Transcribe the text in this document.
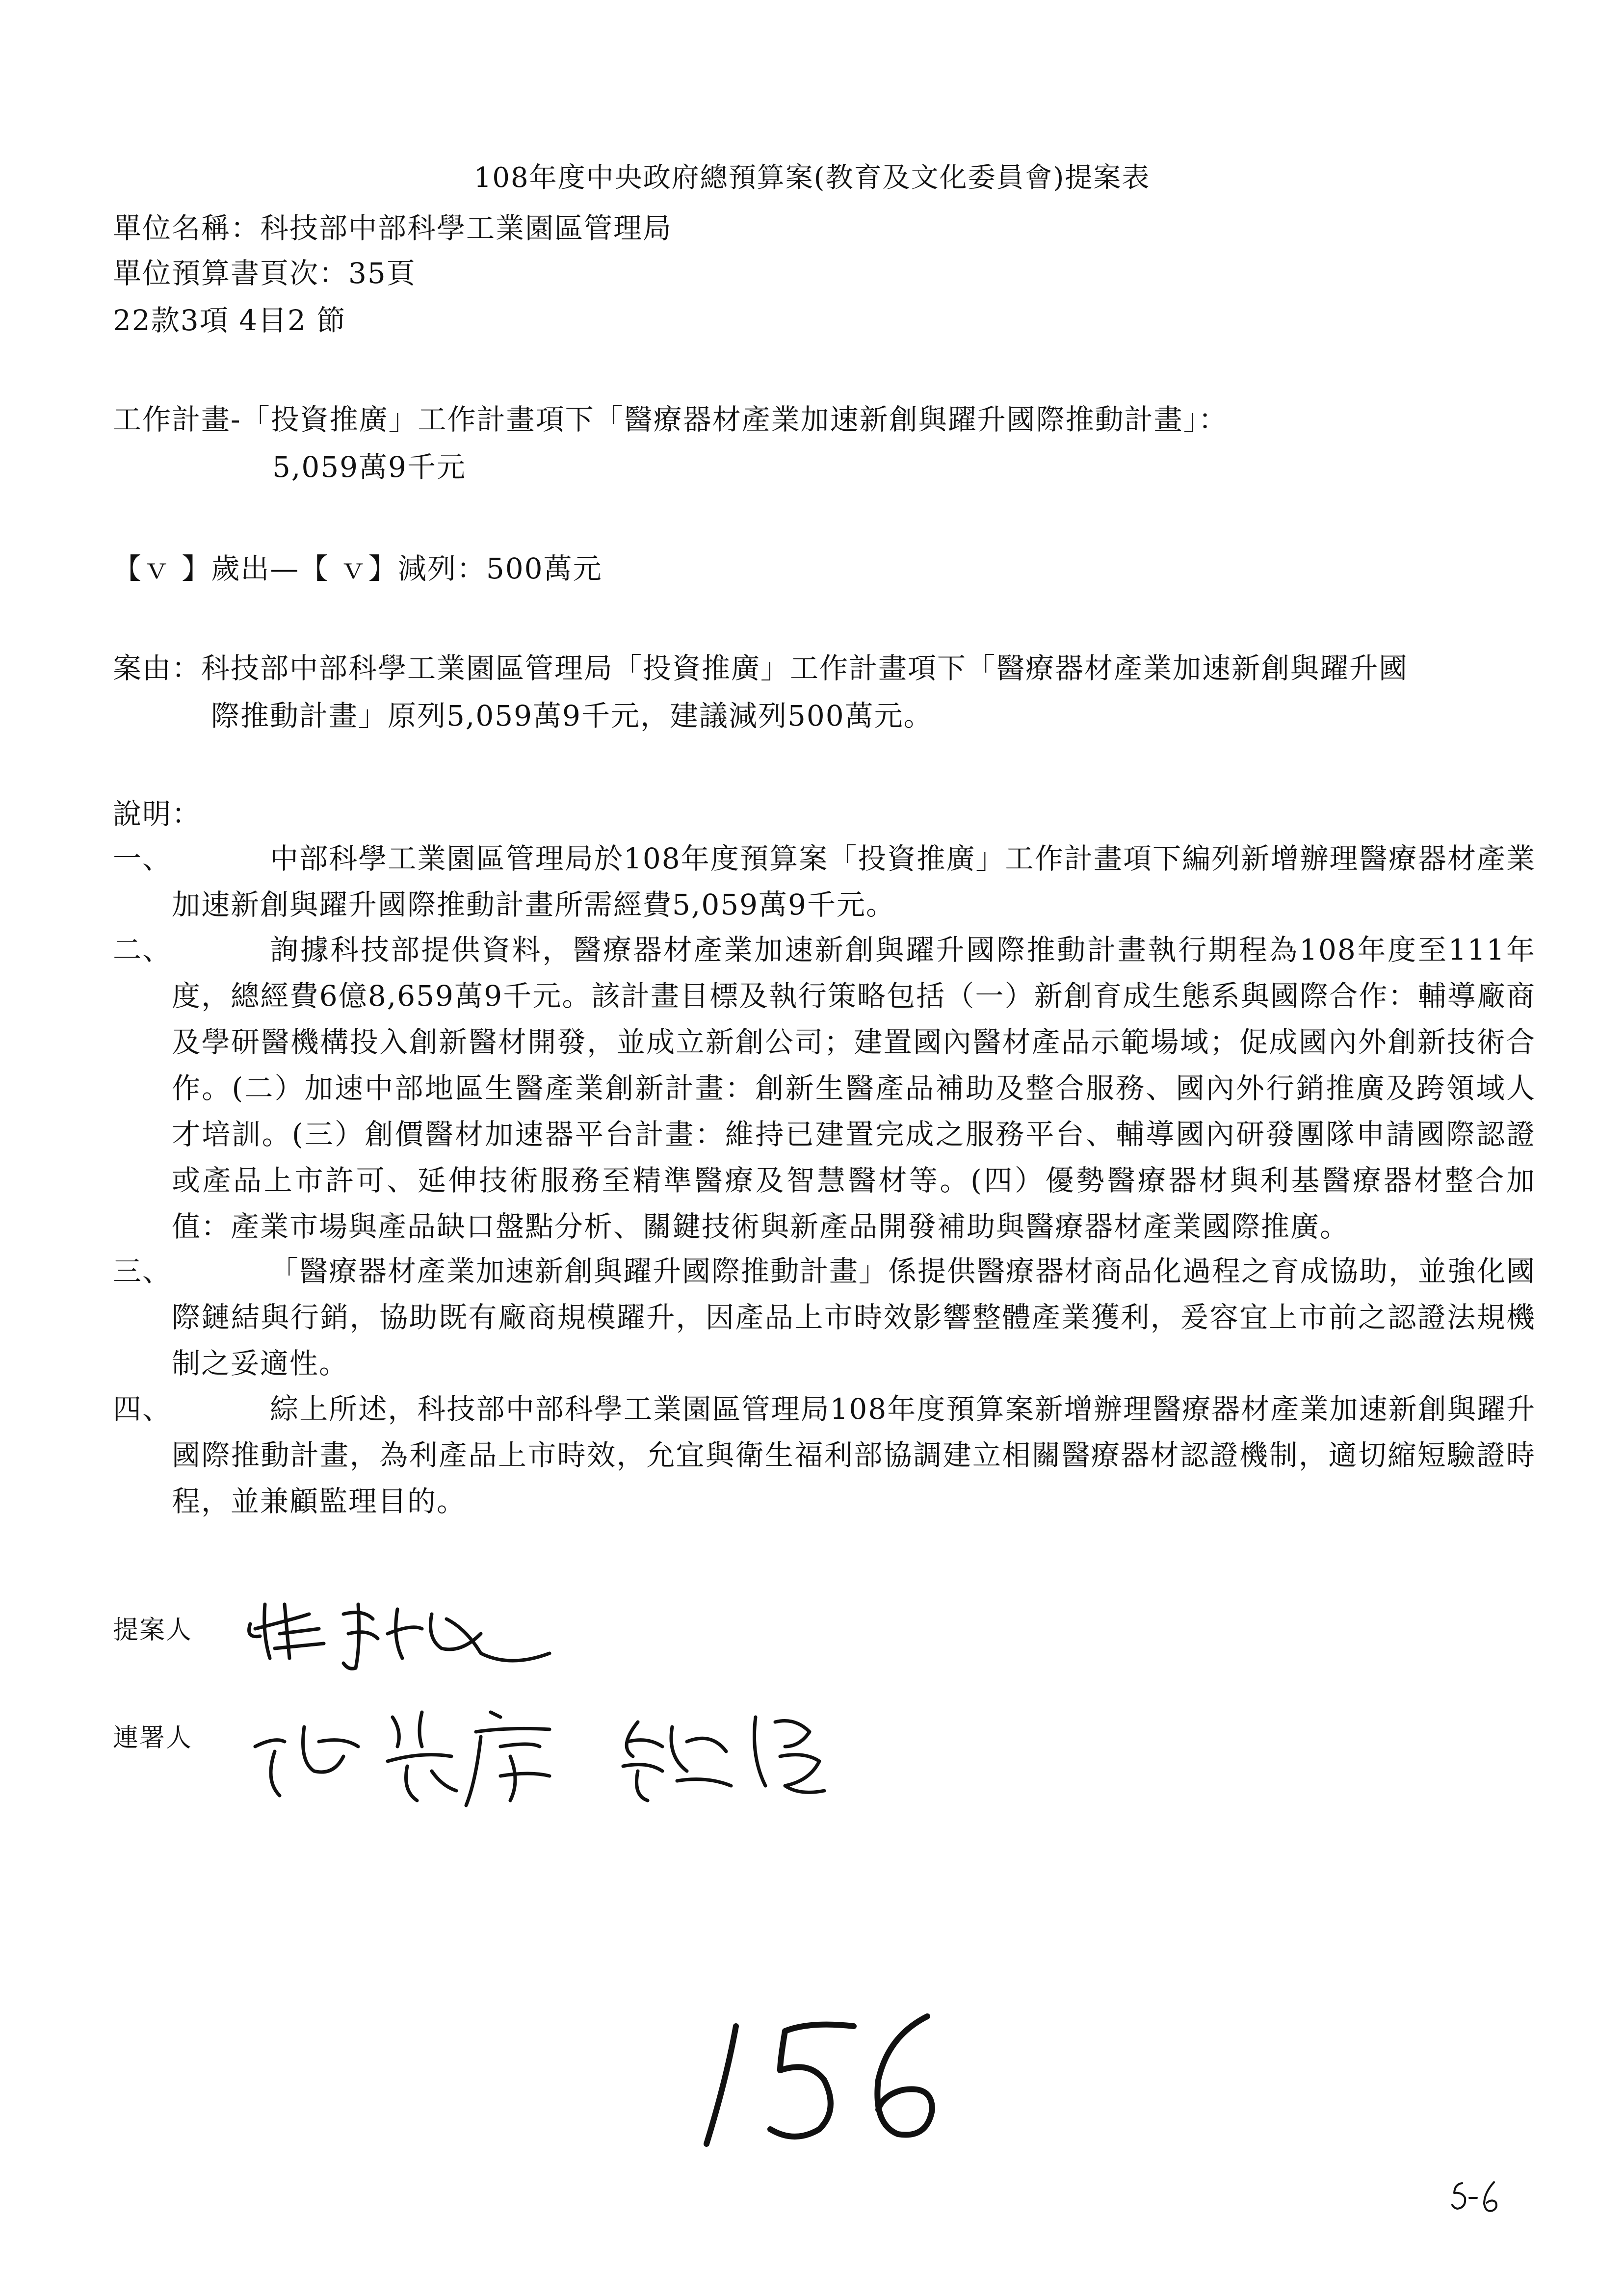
108年度中央政府總預算案(教育及文化委員會)提案表
單位名稱：科技部中部科學工業園區管理局
單位預算書頁次：35頁
22款3項 4目2 節
工作計畫-「投資推廣」工作計畫項下「醫療器材產業加速新創與躍升國際推動計畫」：
5,059萬9千元
【ｖ 】歲出—【 ｖ】減列：500萬元
案由：科技部中部科學工業園區管理局「投資推廣」工作計畫項下「醫療器材產業加速新創與躍升國
際推動計畫」原列5,059萬9千元，建議減列500萬元。
說明：
一、	中部科學工業園區管理局於108年度預算案「投資推廣」工作計畫項下編列新增辦理醫療器材產業加速新創與躍升國際推動計畫所需經費5,059萬9千元。
二、	詢據科技部提供資料，醫療器材產業加速新創與躍升國際推動計畫執行期程為108年度至111年度，總經費6億8,659萬9千元。該計畫目標及執行策略包括（一）新創育成生態系與國際合作：輔導廠商及學研醫機構投入創新醫材開發，並成立新創公司；建置國內醫材產品示範場域；促成國內外創新技術合作。(二）加速中部地區生醫產業創新計畫：創新生醫產品補助及整合服務、國內外行銷推廣及跨領域人才培訓。(三）創價醫材加速器平台計畫：維持已建置完成之服務平台、輔導國內研發團隊申請國際認證或產品上市許可、延伸技術服務至精準醫療及智慧醫材等。(四）優勢醫療器材與利基醫療器材整合加值：產業市場與產品缺口盤點分析、關鍵技術與新產品開發補助與醫療器材產業國際推廣。
三、	「醫療器材產業加速新創與躍升國際推動計畫」係提供醫療器材商品化過程之育成協助，並強化國際鏈結與行銷，協助既有廠商規模躍升，因產品上市時效影響整體產業獲利，爰容宜上市前之認證法規機制之妥適性。
四、	綜上所述，科技部中部科學工業園區管理局108年度預算案新增辦理醫療器材產業加速新創與躍升國際推動計畫，為利產品上市時效，允宜與衛生福利部協調建立相關醫療器材認證機制，適切縮短驗證時程，並兼顧監理目的。
提案人
連署人
